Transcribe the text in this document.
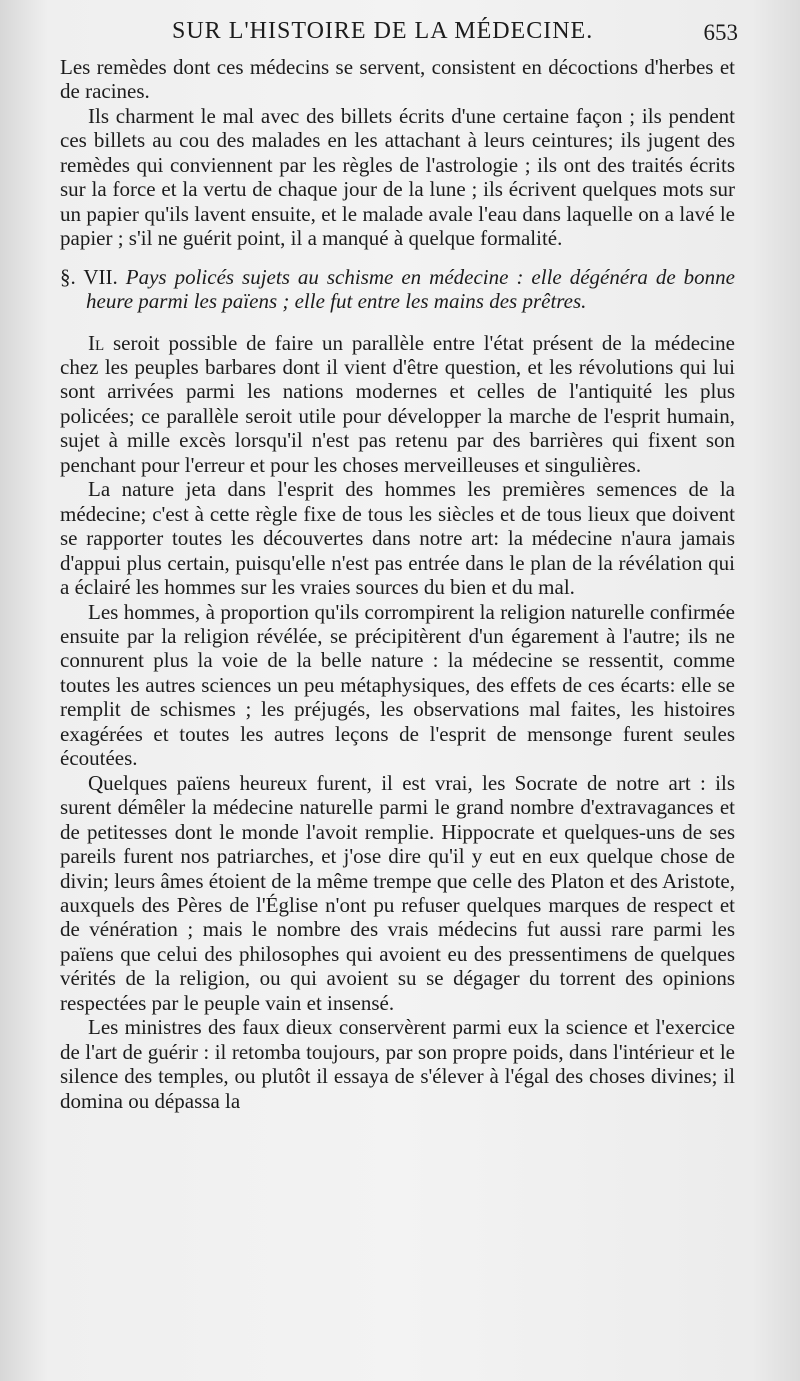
SUR L'HISTOIRE DE LA MÉDECINE.	653

Les remèdes dont ces médecins se servent, consistent en décoctions d'herbes et de racines.

Ils charment le mal avec des billets écrits d'une certaine façon ; ils pendent ces billets au cou des malades en les attachant à leurs ceintures; ils jugent des remèdes qui conviennent par les règles de l'astrologie ; ils ont des traités écrits sur la force et la vertu de chaque jour de la lune ; ils écrivent quelques mots sur un papier qu'ils lavent ensuite, et le malade avale l'eau dans laquelle on a lavé le papier ; s'il ne guérit point, il a manqué à quelque formalité.

§. VII. Pays policés sujets au schisme en médecine : elle dégénéra de bonne heure parmi les païens ; elle fut entre les mains des prêtres.

Il seroit possible de faire un parallèle entre l'état présent de la médecine chez les peuples barbares dont il vient d'être question, et les révolutions qui lui sont arrivées parmi les nations modernes et celles de l'antiquité les plus policées; ce parallèle seroit utile pour développer la marche de l'esprit humain, sujet à mille excès lorsqu'il n'est pas retenu par des barrières qui fixent son penchant pour l'erreur et pour les choses merveilleuses et singulières.

La nature jeta dans l'esprit des hommes les premières semences de la médecine; c'est à cette règle fixe de tous les siècles et de tous lieux que doivent se rapporter toutes les découvertes dans notre art: la médecine n'aura jamais d'appui plus certain, puisqu'elle n'est pas entrée dans le plan de la révélation qui a éclairé les hommes sur les vraies sources du bien et du mal.

Les hommes, à proportion qu'ils corrompirent la religion naturelle confirmée ensuite par la religion révélée, se précipitèrent d'un égarement à l'autre; ils ne connurent plus la voie de la belle nature : la médecine se ressentit, comme toutes les autres sciences un peu métaphysiques, des effets de ces écarts: elle se remplit de schismes ; les préjugés, les observations mal faites, les histoires exagérées et toutes les autres leçons de l'esprit de mensonge furent seules écoutées.

Quelques païens heureux furent, il est vrai, les Socrate de notre art : ils surent démêler la médecine naturelle parmi le grand nombre d'extravagances et de petitesses dont le monde l'avoit remplie. Hippocrate et quelques-uns de ses pareils furent nos patriarches, et j'ose dire qu'il y eut en eux quelque chose de divin; leurs âmes étoient de la même trempe que celle des Platon et des Aristote, auxquels des Pères de l'Église n'ont pu refuser quelques marques de respect et de vénération ; mais le nombre des vrais médecins fut aussi rare parmi les païens que celui des philosophes qui avoient eu des pressentimens de quelques vérités de la religion, ou qui avoient su se dégager du torrent des opinions respectées par le peuple vain et insensé.

Les ministres des faux dieux conservèrent parmi eux la science et l'exercice de l'art de guérir : il retomba toujours, par son propre poids, dans l'intérieur et le silence des temples, ou plutôt il essaya de s'élever à l'égal des choses divines; il domina ou dépassa la
